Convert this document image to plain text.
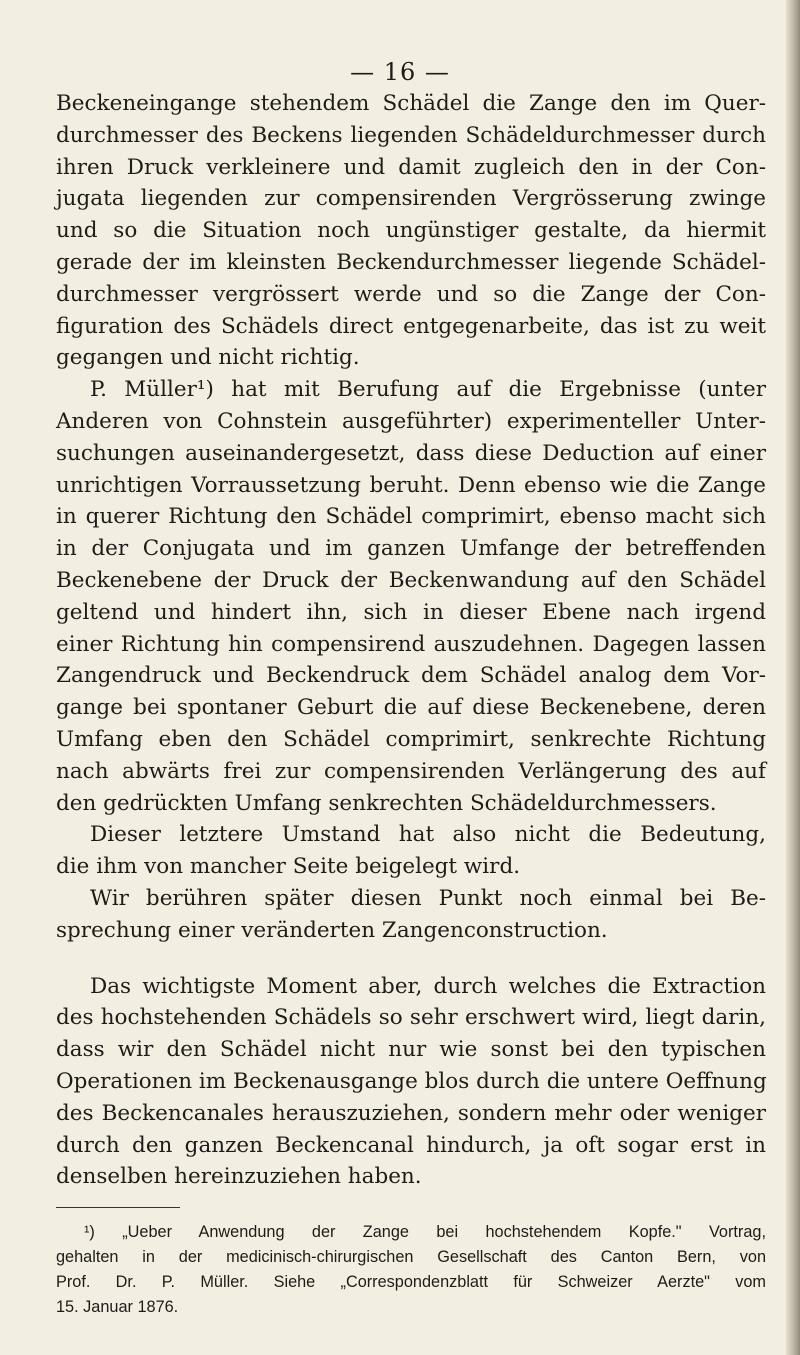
— 16 —
Beckeneingange stehendem Schädel die Zange den im Quer-
durchmesser des Beckens liegenden Schädeldurchmesser durch
ihren Druck verkleinere und damit zugleich den in der Con-
jugata liegenden zur compensirenden Vergrösserung zwinge
und so die Situation noch ungünstiger gestalte, da hiermit
gerade der im kleinsten Beckendurchmesser liegende Schädel-
durchmesser vergrössert werde und so die Zange der Con-
figuration des Schädels direct entgegenarbeite, das ist zu weit
gegangen und nicht richtig.
P. Müller¹) hat mit Berufung auf die Ergebnisse (unter
Anderen von Cohnstein ausgeführter) experimenteller Unter-
suchungen auseinandergesetzt, dass diese Deduction auf einer
unrichtigen Vorraussetzung beruht. Denn ebenso wie die Zange
in querer Richtung den Schädel comprimirt, ebenso macht sich
in der Conjugata und im ganzen Umfange der betreffenden
Beckenebene der Druck der Beckenwandung auf den Schädel
geltend und hindert ihn, sich in dieser Ebene nach irgend
einer Richtung hin compensirend auszudehnen. Dagegen lassen
Zangendruck und Beckendruck dem Schädel analog dem Vor-
gange bei spontaner Geburt die auf diese Beckenebene, deren
Umfang eben den Schädel comprimirt, senkrechte Richtung
nach abwärts frei zur compensirenden Verlängerung des auf
den gedrückten Umfang senkrechten Schädeldurchmessers.
Dieser letztere Umstand hat also nicht die Bedeutung,
die ihm von mancher Seite beigelegt wird.
Wir berühren später diesen Punkt noch einmal bei Be-
sprechung einer veränderten Zangenconstruction.
Das wichtigste Moment aber, durch welches die Extraction
des hochstehenden Schädels so sehr erschwert wird, liegt darin,
dass wir den Schädel nicht nur wie sonst bei den typischen
Operationen im Beckenausgange blos durch die untere Oeffnung
des Beckencanales herauszuziehen, sondern mehr oder weniger
durch den ganzen Beckencanal hindurch, ja oft sogar erst in
denselben hereinzuziehen haben.
¹) „Ueber Anwendung der Zange bei hochstehendem Kopfe." Vortrag,
gehalten in der medicinisch-chirurgischen Gesellschaft des Canton Bern, von
Prof. Dr. P. Müller. Siehe „Correspondenzblatt für Schweizer Aerzte" vom
15. Januar 1876.
